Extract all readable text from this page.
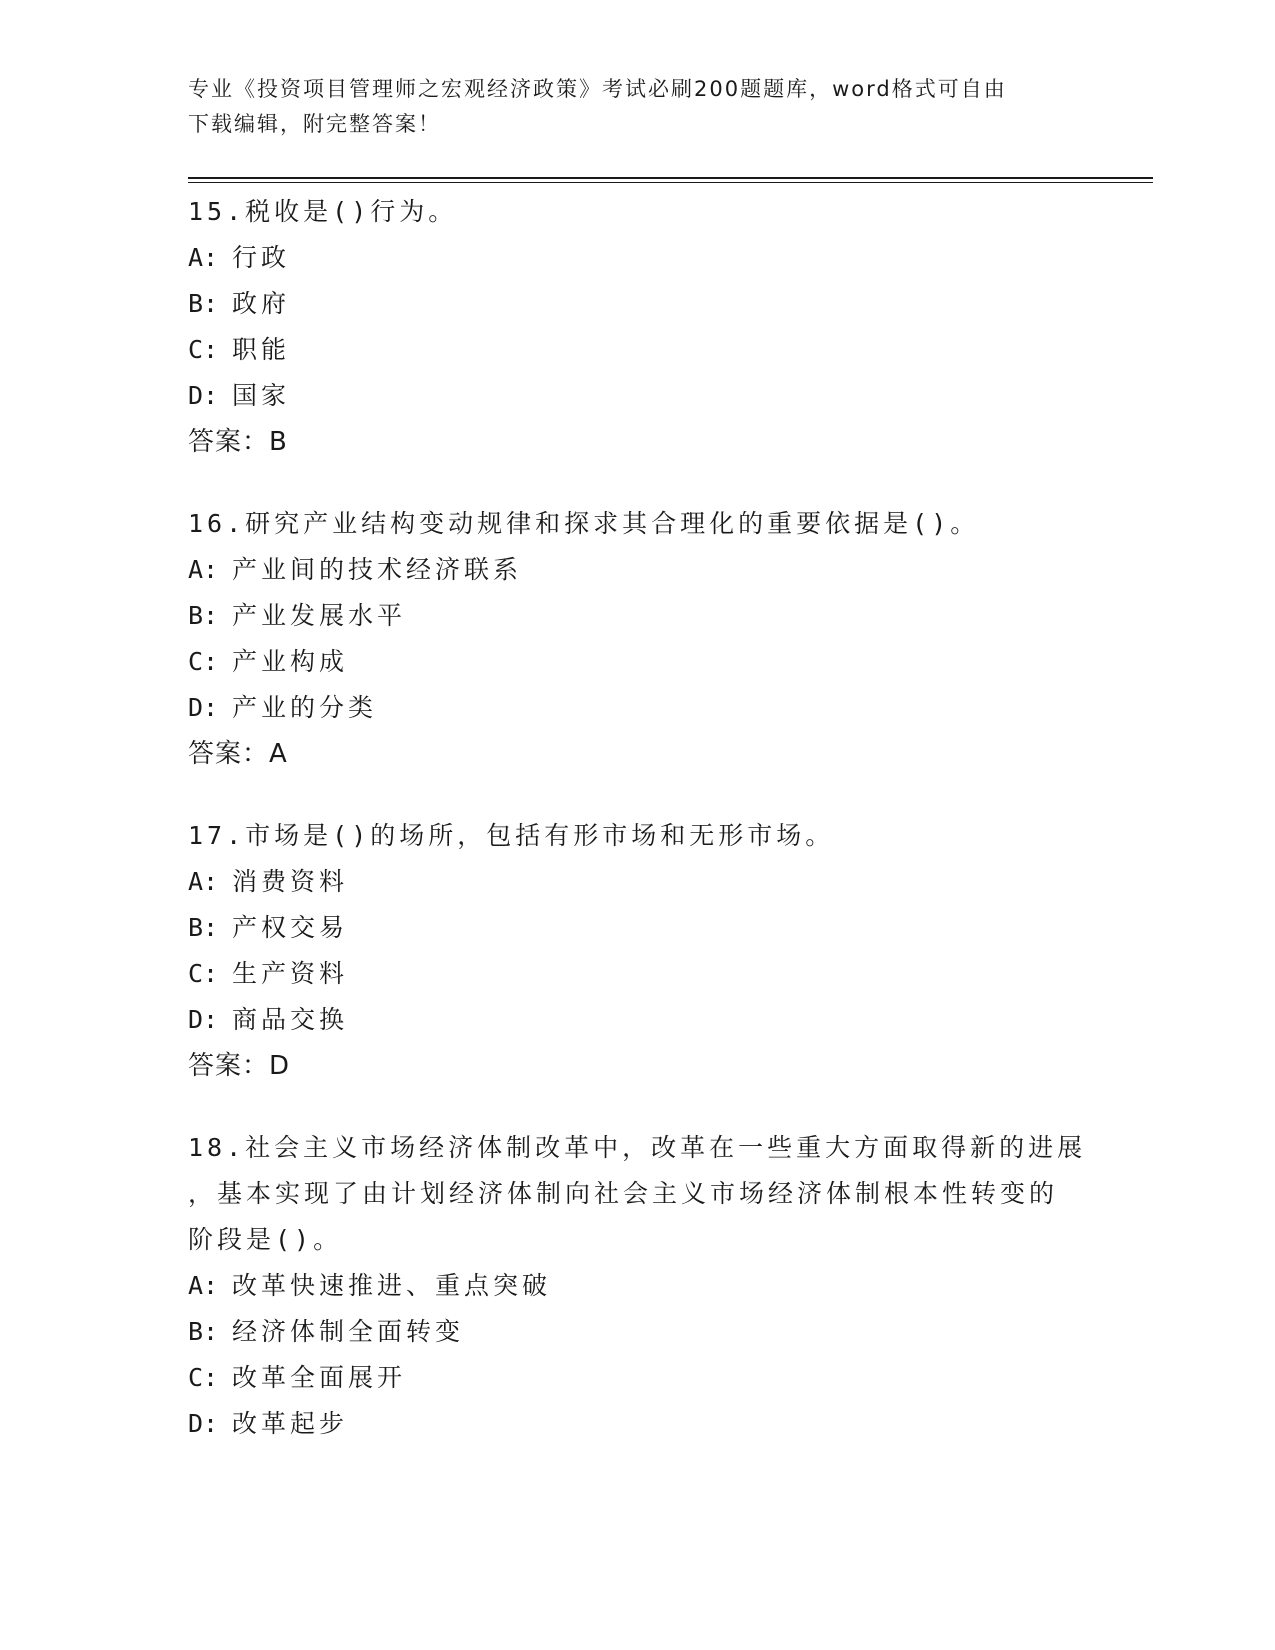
专业《投资项目管理师之宏观经济政策》考试必刷200题题库，word格式可自由
下载编辑，附完整答案！
15.税收是()行为。
A: 行政
B: 政府
C: 职能
D: 国家
答案：B
16.研究产业结构变动规律和探求其合理化的重要依据是()。
A: 产业间的技术经济联系
B: 产业发展水平
C: 产业构成
D: 产业的分类
答案：A
17.市场是()的场所，包括有形市场和无形市场。
A: 消费资料
B: 产权交易
C: 生产资料
D: 商品交换
答案：D
18.社会主义市场经济体制改革中，改革在一些重大方面取得新的进展
，基本实现了由计划经济体制向社会主义市场经济体制根本性转变的
阶段是()。
A: 改革快速推进、重点突破
B: 经济体制全面转变
C: 改革全面展开
D: 改革起步
